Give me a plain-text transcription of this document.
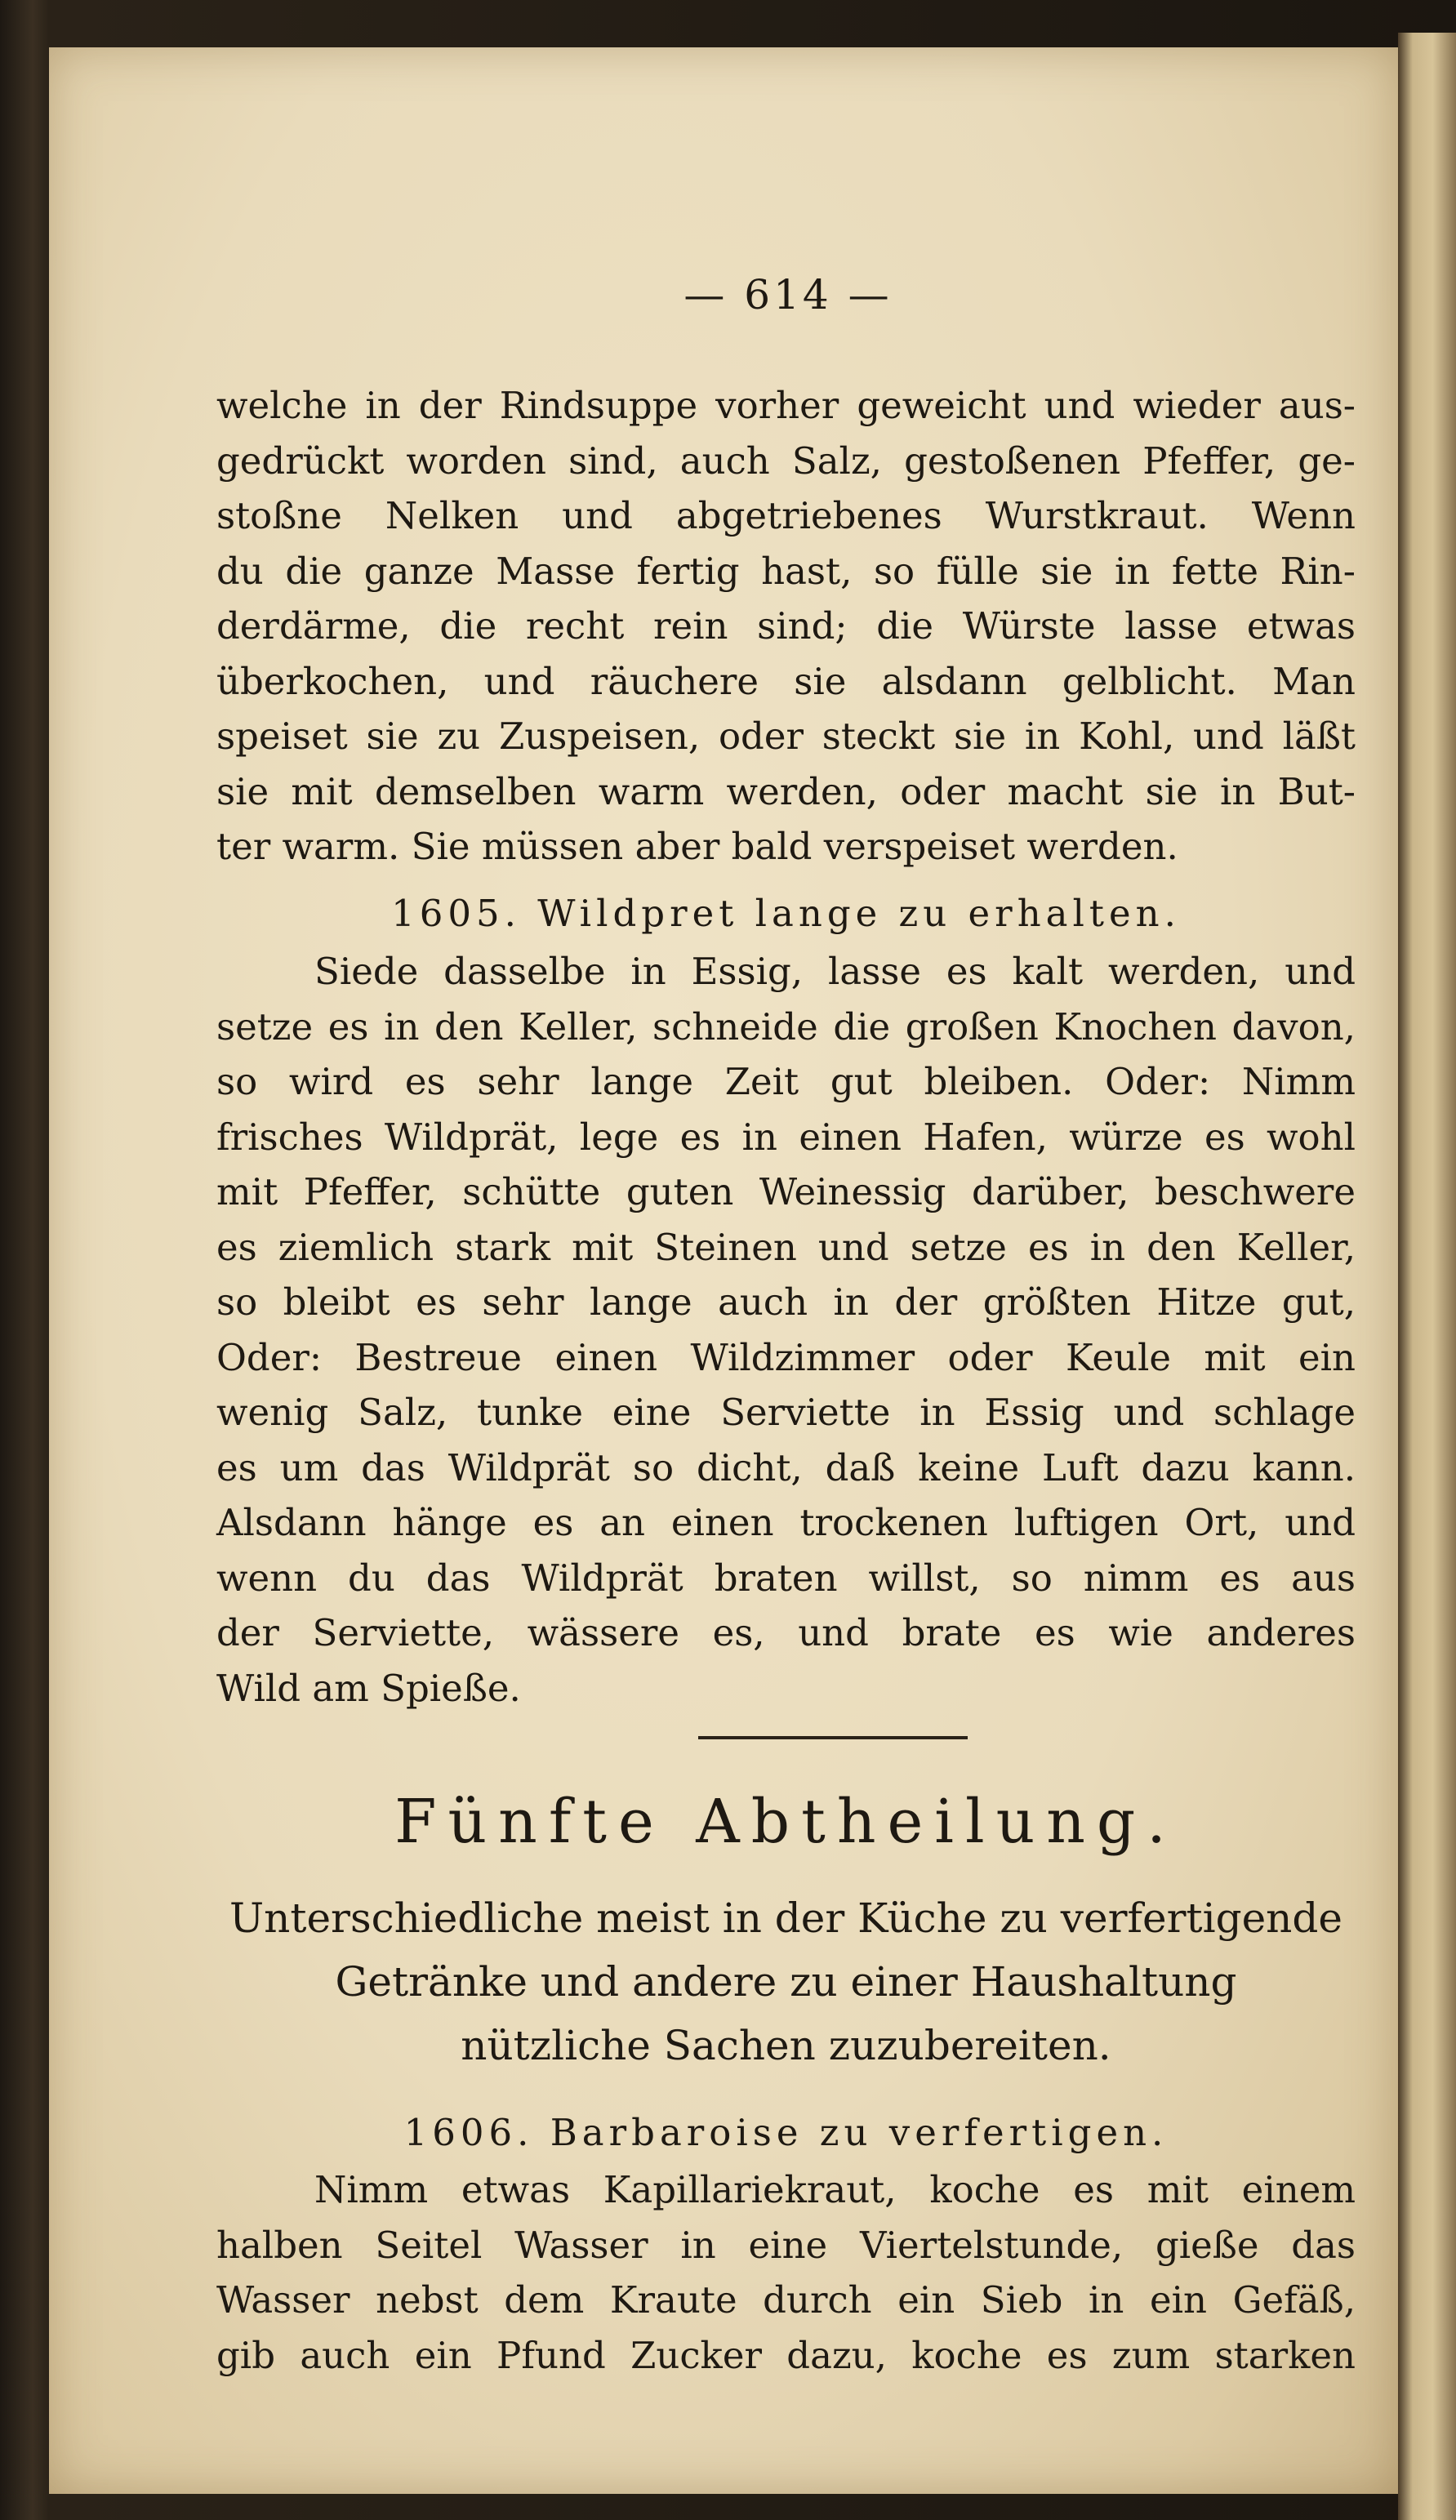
— 614 —
welche in der Rindsuppe vorher geweicht und wieder aus-
gedrückt worden sind, auch Salz, gestoßenen Pfeffer, ge-
stoßne Nelken und abgetriebenes Wurstkraut. Wenn
du die ganze Masse fertig hast, so fülle sie in fette Rin-
derdärme, die recht rein sind; die Würste lasse etwas
überkochen, und räuchere sie alsdann gelblicht. Man
speiset sie zu Zuspeisen, oder steckt sie in Kohl, und läßt
sie mit demselben warm werden, oder macht sie in But-
ter warm. Sie müssen aber bald verspeiset werden.
1605. Wildpret lange zu erhalten.
Siede dasselbe in Essig, lasse es kalt werden, und
setze es in den Keller, schneide die großen Knochen davon,
so wird es sehr lange Zeit gut bleiben. Oder: Nimm
frisches Wildprät, lege es in einen Hafen, würze es wohl
mit Pfeffer, schütte guten Weinessig darüber, beschwere
es ziemlich stark mit Steinen und setze es in den Keller,
so bleibt es sehr lange auch in der größten Hitze gut,
Oder: Bestreue einen Wildzimmer oder Keule mit ein
wenig Salz, tunke eine Serviette in Essig und schlage
es um das Wildprät so dicht, daß keine Luft dazu kann.
Alsdann hänge es an einen trockenen luftigen Ort, und
wenn du das Wildprät braten willst, so nimm es aus
der Serviette, wässere es, und brate es wie anderes
Wild am Spieße.
Fünfte Abtheilung.
Unterschiedliche meist in der Küche zu verfertigende
Getränke und andere zu einer Haushaltung
nützliche Sachen zuzubereiten.
1606. Barbaroise zu verfertigen.
Nimm etwas Kapillariekraut, koche es mit einem
halben Seitel Wasser in eine Viertelstunde, gieße das
Wasser nebst dem Kraute durch ein Sieb in ein Gefäß,
gib auch ein Pfund Zucker dazu, koche es zum starken
